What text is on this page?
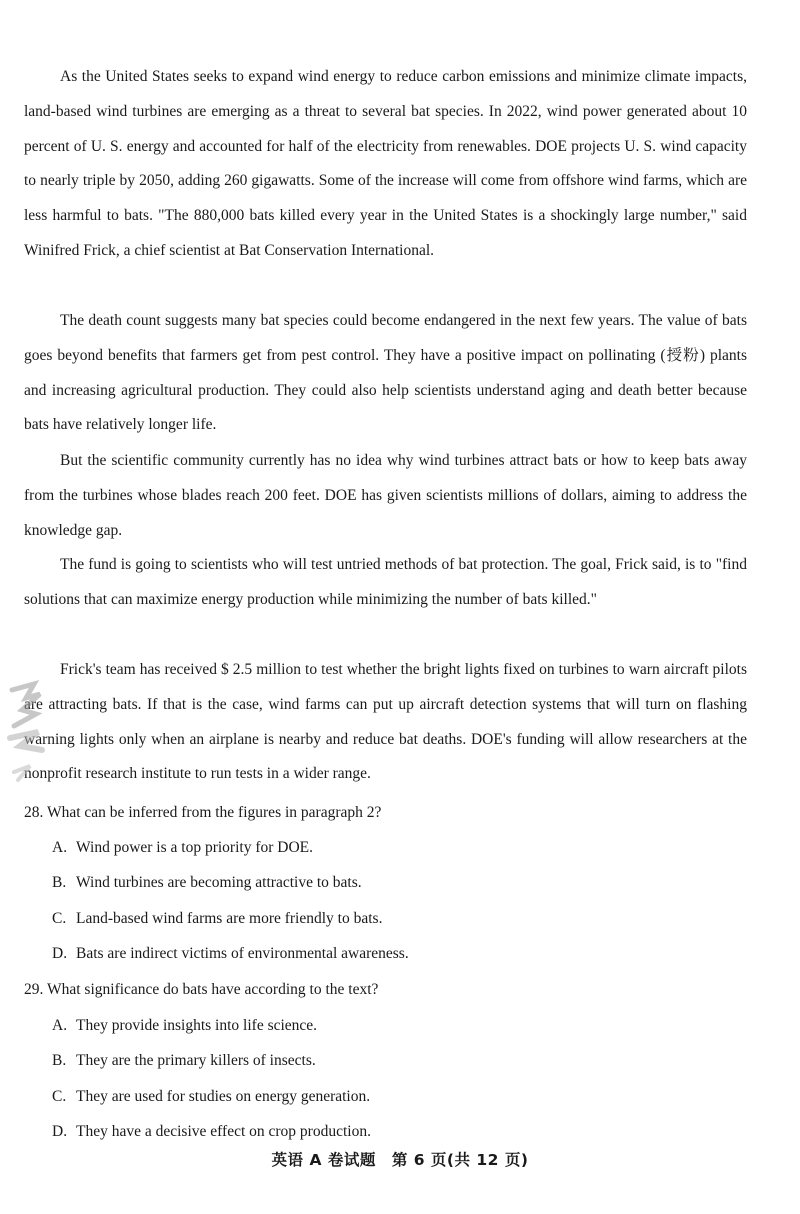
As the United States seeks to expand wind energy to reduce carbon emissions and minimize climate impacts, land-based wind turbines are emerging as a threat to several bat species. In 2022, wind power generated about 10 percent of U. S. energy and accounted for half of the electricity from renewables. DOE projects U. S. wind capacity to nearly triple by 2050, adding 260 gigawatts. Some of the increase will come from offshore wind farms, which are less harmful to bats. "The 880,000 bats killed every year in the United States is a shockingly large number," said Winifred Frick, a chief scientist at Bat Conservation International.

The death count suggests many bat species could become endangered in the next few years. The value of bats goes beyond benefits that farmers get from pest control. They have a positive impact on pollinating (授粉) plants and increasing agricultural production. They could also help scientists understand aging and death better because bats have relatively longer life.

But the scientific community currently has no idea why wind turbines attract bats or how to keep bats away from the turbines whose blades reach 200 feet. DOE has given scientists millions of dollars, aiming to address the knowledge gap.

The fund is going to scientists who will test untried methods of bat protection. The goal, Frick said, is to "find solutions that can maximize energy production while minimizing the number of bats killed."

Frick's team has received $ 2.5 million to test whether the bright lights fixed on turbines to warn aircraft pilots are attracting bats. If that is the case, wind farms can put up aircraft detection systems that will turn on flashing warning lights only when an airplane is nearby and reduce bat deaths. DOE's funding will allow researchers at the nonprofit research institute to run tests in a wider range.

28. What can be inferred from the figures in paragraph 2?
A. Wind power is a top priority for DOE.
B. Wind turbines are becoming attractive to bats.
C. Land-based wind farms are more friendly to bats.
D. Bats are indirect victims of environmental awareness.
29. What significance do bats have according to the text?
A. They provide insights into life science.
B. They are the primary killers of insects.
C. They are used for studies on energy generation.
D. They have a decisive effect on crop production.
英语 A 卷试题　第 6 页(共 12 页)
